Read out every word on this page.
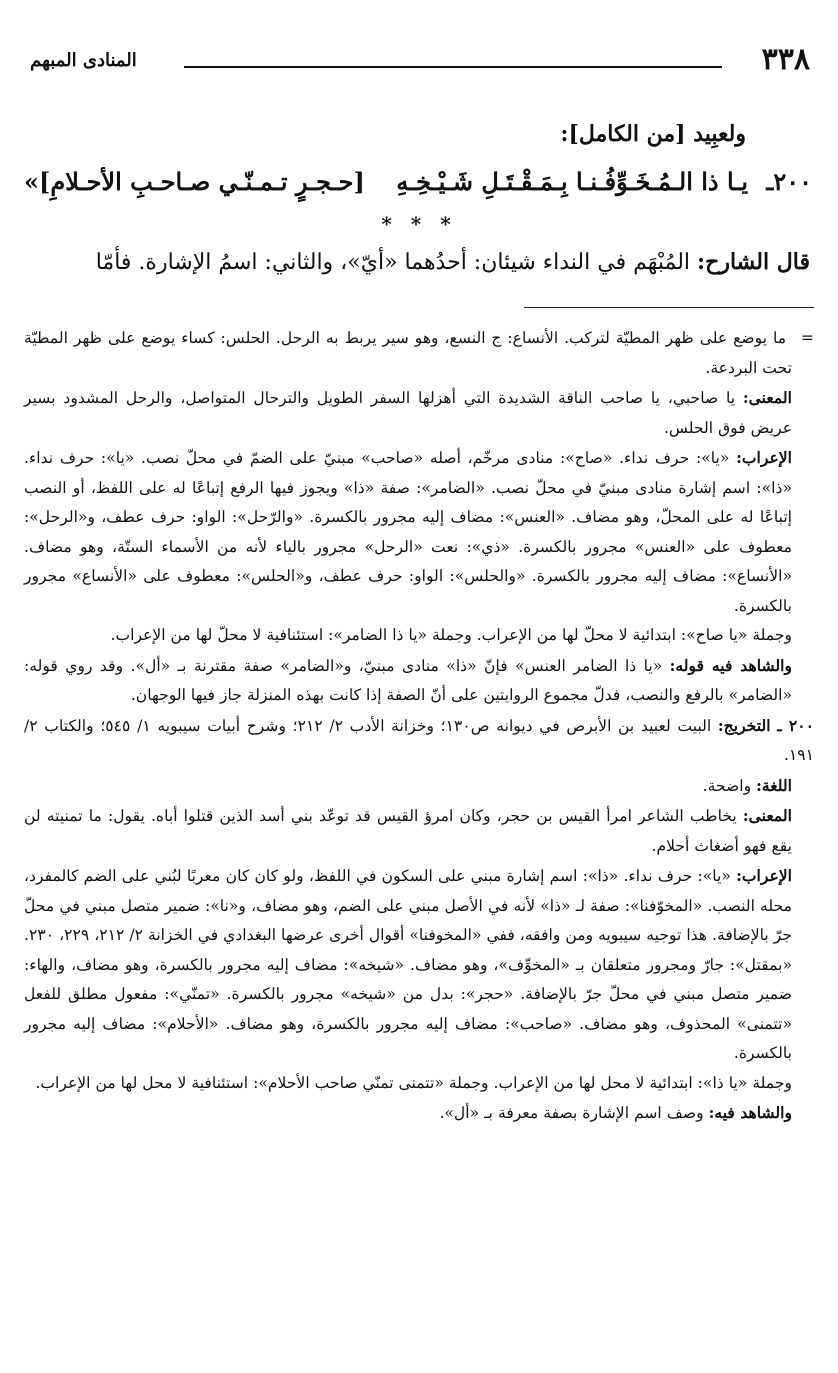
٣٣٨
المنادى المبهم
ولعبِيد [من الكامل]:
٢٠٠ـ
يـا ذا الـمُـخَـوِّفُـنـا بِـمَـقْـتَـلِ شَـيْـخِـهِ
[حـجـرٍ تـمـنّـي صـاحـبِ الأحـلامِ]»
* * *

قال الشارح: المُبْهَم في النداء شيئان: أحدُهما «أيّ»، والثاني: اسمُ الإشارة. فأمّا

= ما يوضع على ظهر المطيّة لتركب. الأنساع: ج النسع، وهو سير يربط به الرحل. الحلس: كساء يوضع على ظهر المطيّة تحت البردعة.

المعنى: يا صاحبي، يا صاحب الناقة الشديدة التي أهزلها السفر الطويل والترحال المتواصل، والرحل المشدود بسير عريض فوق الحلس.

الإعراب: «يا»: حرف نداء. «صاح»: منادى مرخّم، أصله «صاحب» مبنيّ على الضمّ في محلّ نصب. «يا»: حرف نداء. «ذا»: اسم إشارة منادى مبنيّ في محلّ نصب. «الضامر»: صفة «ذا» ويجوز فيها الرفع إتباعًا له على اللفظ، أو النصب إتباعًا له على المحلّ، وهو مضاف. «العنس»: مضاف إليه مجرور بالكسرة. «والرّحل»: الواو: حرف عطف، و«الرحل»: معطوف على «العنس» مجرور بالكسرة. «ذي»: نعت «الرحل» مجرور بالياء لأنه من الأسماء الستّة، وهو مضاف. «الأنساع»: مضاف إليه مجرور بالكسرة. «والحلس»: الواو: حرف عطف، و«الحلس»: معطوف على «الأنساع» مجرور بالكسرة.

وجملة «يا صاح»: ابتدائية لا محلّ لها من الإعراب. وجملة «يا ذا الضامر»: استئنافية لا محلّ لها من الإعراب.

والشاهد فيه قوله: «يا ذا الضامر العنس» فإنّ «ذا» منادى مبنيّ، و«الضامر» صفة مقترنة بـ «أل». وقد روي قوله: «الضامر» بالرفع والنصب، فدلّ مجموع الروايتين على أنّ الصفة إذا كانت بهذه المنزلة جاز فيها الوجهان.

٢٠٠ ـ التخريج: البيت لعبيد بن الأبرص في ديوانه ص١٣٠؛ وخزانة الأدب ٢/ ٢١٢؛ وشرح أبيات سيبويه ١/ ٥٤٥؛ والكتاب ٢/ ١٩١.

اللغة: واضحة.

المعنى: يخاطب الشاعر امرأ القيس بن حجر، وكان امرؤ القيس قد توعّد بني أسد الذين قتلوا أباه. يقول: ما تمنيته لن يقع فهو أضغاث أحلام.

الإعراب: «يا»: حرف نداء. «ذا»: اسم إشارة مبني على السكون في اللفظ، ولو كان كان معربًا لبُني على الضم كالمفرد، محله النصب. «المخوّفنا»: صفة لـ «ذا» لأنه في الأصل مبني على الضم، وهو مضاف، و«نا»: ضمير متصل مبني في محلّ جرّ بالإضافة. هذا توجيه سيبويه ومن وافقه، ففي «المخوفنا» أقوال أخرى عرضها البغدادي في الخزانة ٢/ ٢١٢، ٢٢٩، ٢٣٠. «بمقتل»: جارّ ومجرور متعلقان بـ «المخوِّف»، وهو مضاف. «شيخه»: مضاف إليه مجرور بالكسرة، وهو مضاف، والهاء: ضمير متصل مبني في محلّ جرّ بالإضافة. «حجر»: بدل من «شيخه» مجرور بالكسرة. «تمنّي»: مفعول مطلق للفعل «تتمنى» المحذوف، وهو مضاف. «صاحب»: مضاف إليه مجرور بالكسرة، وهو مضاف. «الأحلام»: مضاف إليه مجرور بالكسرة.

وجملة «يا ذا»: ابتدائية لا محل لها من الإعراب. وجملة «تتمنى تمنّي صاحب الأحلام»: استئنافية لا محل لها من الإعراب.

والشاهد فيه: وصف اسم الإشارة بصفة معرفة بـ «أل».
